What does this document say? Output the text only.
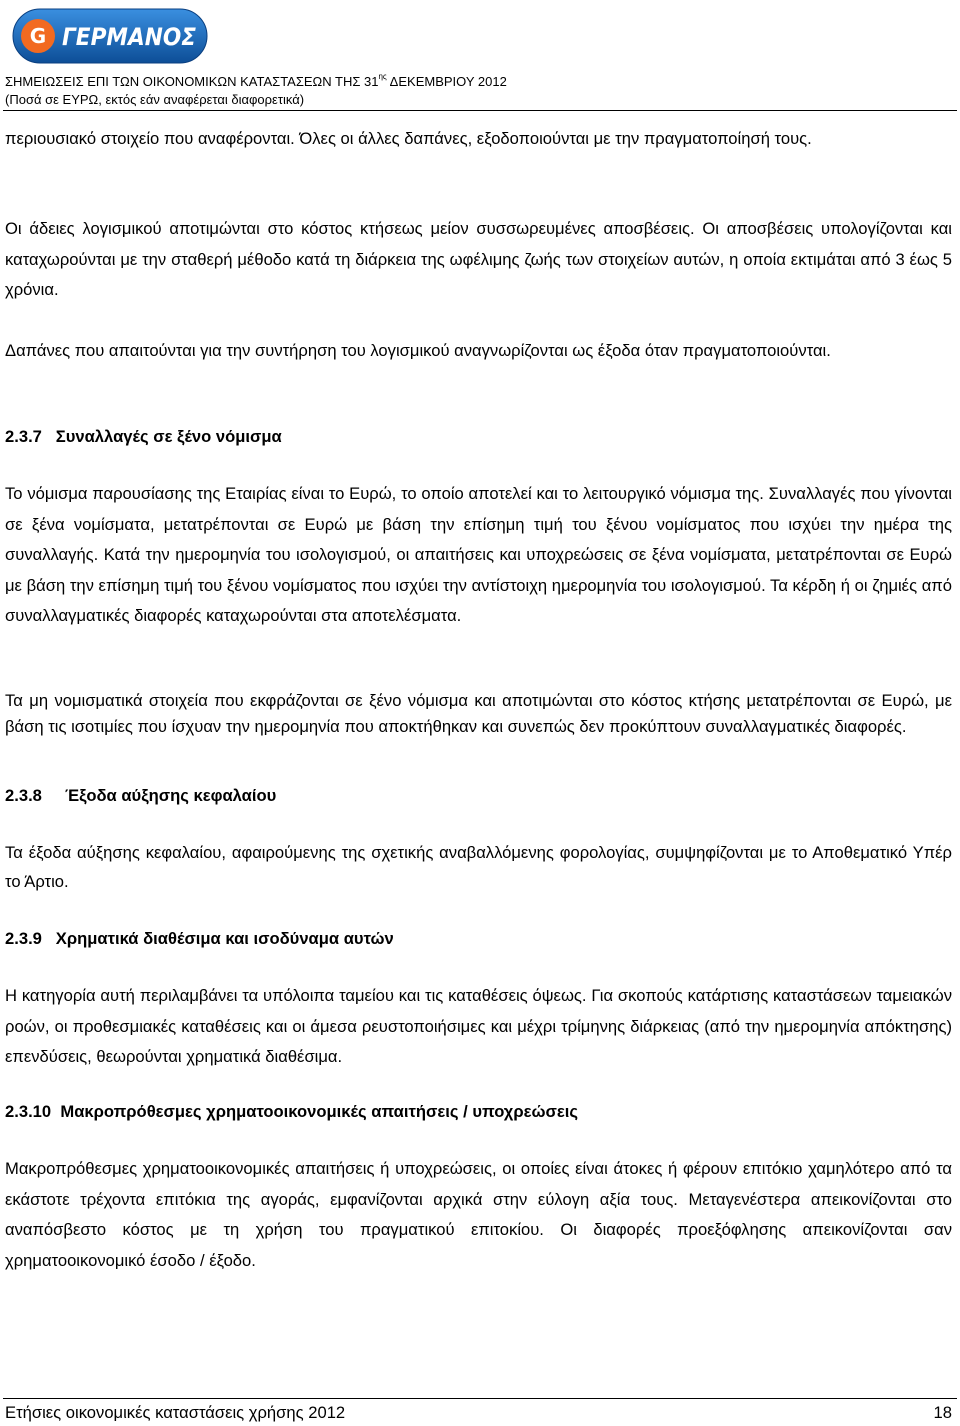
G ΓΕΡΜΑΝΟΣ
ΣΗΜΕΙΩΣΕΙΣ ΕΠΙ ΤΩΝ ΟΙΚΟΝΟΜΙΚΩΝ ΚΑΤΑΣΤΑΣΕΩΝ ΤΗΣ $31^{\eta\varsigma}$ ΔΕΚΕΜΒΡΙΟΥ 2012
(Ποσά σε ΕΥΡΩ, εκτός εάν αναφέρεται διαφορετικά)
περιουσιακό στοιχείο που αναφέρονται. Όλες οι άλλες δαπάνες, εξοδοποιούνται με την πραγματοποίησή τους.
Οι άδειες λογισμικού αποτιμώνται στο κόστος κτήσεως μείον συσσωρευμένες αποσβέσεις. Οι αποσβέσεις υπολογίζονται και καταχωρούνται με την σταθερή μέθοδο κατά τη διάρκεια της ωφέλιμης ζωής των στοιχείων αυτών, η οποία εκτιμάται από 3 έως 5 χρόνια.
Δαπάνες που απαιτούνται για την συντήρηση του λογισμικού αναγνωρίζονται ως έξοδα όταν πραγματοποιούνται.
2.3.7 Συναλλαγές σε ξένο νόμισμα
Το νόμισμα παρουσίασης της Εταιρίας είναι το Ευρώ, το οποίο αποτελεί και το λειτουργικό νόμισμα της. Συναλλαγές που γίνονται σε ξένα νομίσματα, μετατρέπονται σε Ευρώ με βάση την επίσημη τιμή του ξένου νομίσματος που ισχύει την ημέρα της συναλλαγής. Κατά την ημερομηνία του ισολογισμού, οι απαιτήσεις και υποχρεώσεις σε ξένα νομίσματα, μετατρέπονται σε Ευρώ με βάση την επίσημη τιμή του ξένου νομίσματος που ισχύει την αντίστοιχη ημερομηνία του ισολογισμού. Τα κέρδη ή οι ζημιές από συναλλαγματικές διαφορές καταχωρούνται στα αποτελέσματα.
Τα μη νομισματικά στοιχεία που εκφράζονται σε ξένο νόμισμα και αποτιμώνται στο κόστος κτήσης μετατρέπονται σε Ευρώ, με βάση τις ισοτιμίες που ίσχυαν την ημερομηνία που αποκτήθηκαν και συνεπώς δεν προκύπτουν συναλλαγματικές διαφορές.
2.3.8 Έξοδα αύξησης κεφαλαίου
Τα έξοδα αύξησης κεφαλαίου, αφαιρούμενης της σχετικής αναβαλλόμενης φορολογίας, συμψηφίζονται με το Αποθεματικό Υπέρ το Άρτιο.
2.3.9 Χρηματικά διαθέσιμα και ισοδύναμα αυτών
Η κατηγορία αυτή περιλαμβάνει τα υπόλοιπα ταμείου και τις καταθέσεις όψεως. Για σκοπούς κατάρτισης καταστάσεων ταμειακών ροών, οι προθεσμιακές καταθέσεις και οι άμεσα ρευστοποιήσιμες και μέχρι τρίμηνης διάρκειας (από την ημερομηνία απόκτησης) επενδύσεις, θεωρούνται χρηματικά διαθέσιμα.
2.3.10 Μακροπρόθεσμες χρηματοοικονομικές απαιτήσεις / υποχρεώσεις
Μακροπρόθεσμες χρηματοοικονομικές απαιτήσεις ή υποχρεώσεις, οι οποίες είναι άτοκες ή φέρουν επιτόκιο χαμηλότερο από τα εκάστοτε τρέχοντα επιτόκια της αγοράς, εμφανίζονται αρχικά στην εύλογη αξία τους. Μεταγενέστερα απεικονίζονται στο αναπόσβεστο κόστος με τη χρήση του πραγματικού επιτοκίου. Οι διαφορές προεξόφλησης απεικονίζονται σαν χρηματοοικονομικό έσοδο / έξοδο.
Ετήσιες οικονομικές καταστάσεις χρήσης 2012	18
